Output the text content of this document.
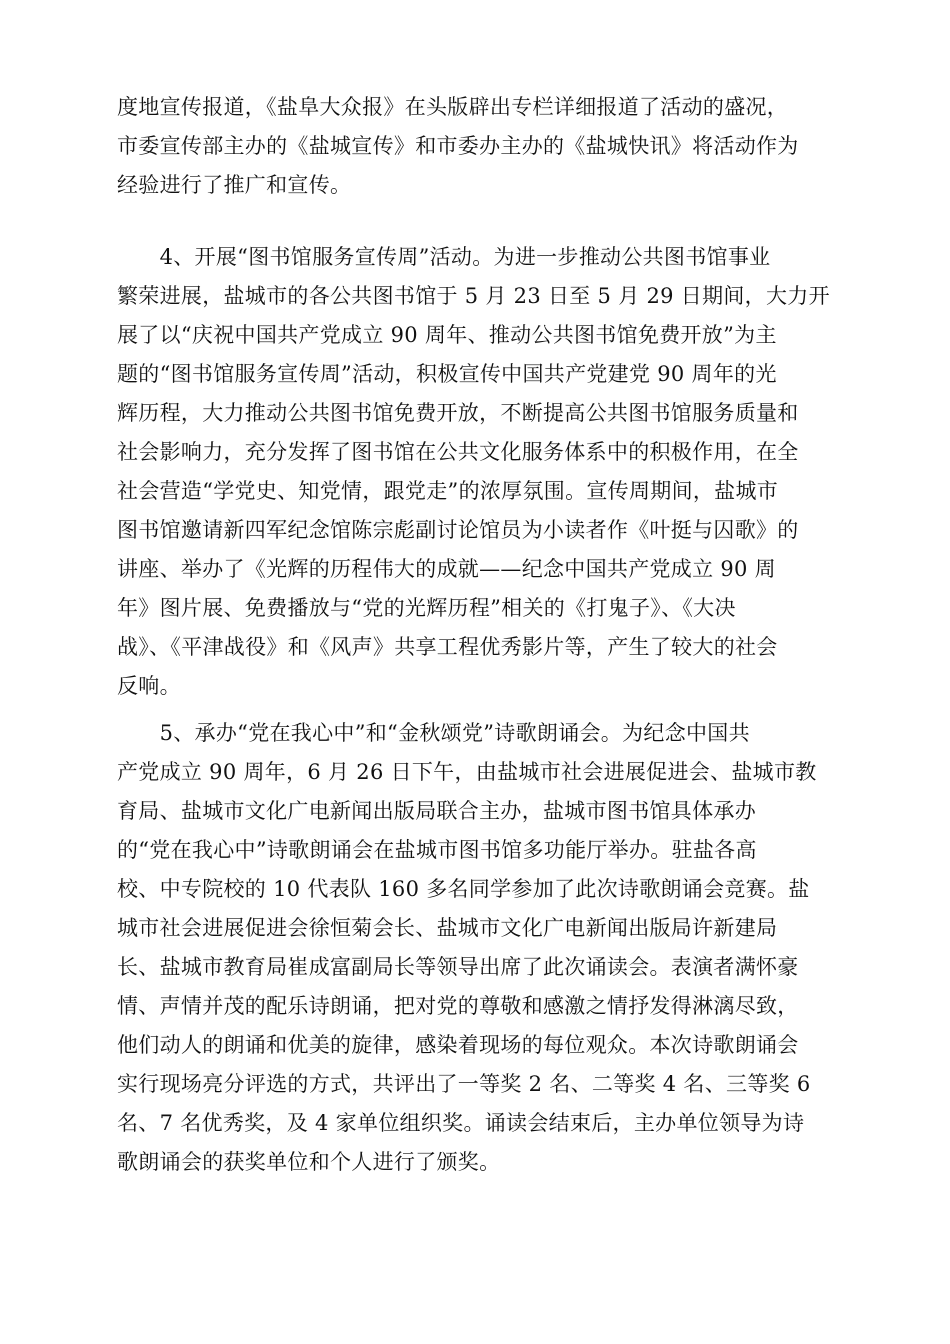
度地宣传报道，《盐阜大众报》在头版辟出专栏详细报道了活动的盛况，
市委宣传部主办的《盐城宣传》和市委办主办的《盐城快讯》将活动作为
经验进行了推广和宣传。
　　4、开展“图书馆服务宣传周”活动。为进一步推动公共图书馆事业
繁荣进展，盐城市的各公共图书馆于 5 月 23 日至 5 月 29 日期间，大力开
展了以“庆祝中国共产党成立 90 周年、推动公共图书馆免费开放”为主
题的“图书馆服务宣传周”活动，积极宣传中国共产党建党 90 周年的光
辉历程，大力推动公共图书馆免费开放，不断提高公共图书馆服务质量和
社会影响力，充分发挥了图书馆在公共文化服务体系中的积极作用，在全
社会营造“学党史、知党情，跟党走”的浓厚氛围。宣传周期间，盐城市
图书馆邀请新四军纪念馆陈宗彪副讨论馆员为小读者作《叶挺与囚歌》的
讲座、举办了《光辉的历程伟大的成就——纪念中国共产党成立 90 周
年》图片展、免费播放与“党的光辉历程”相关的《打鬼子》、《大决
战》、《平津战役》和《风声》共享工程优秀影片等，产生了较大的社会
反响。
　　5、承办“党在我心中”和“金秋颂党”诗歌朗诵会。为纪念中国共
产党成立 90 周年，6 月 26 日下午，由盐城市社会进展促进会、盐城市教
育局、盐城市文化广电新闻出版局联合主办，盐城市图书馆具体承办
的“党在我心中”诗歌朗诵会在盐城市图书馆多功能厅举办。驻盐各高
校、中专院校的 10 代表队 160 多名同学参加了此次诗歌朗诵会竞赛。盐
城市社会进展促进会徐恒菊会长、盐城市文化广电新闻出版局许新建局
长、盐城市教育局崔成富副局长等领导出席了此次诵读会。表演者满怀豪
情、声情并茂的配乐诗朗诵，把对党的尊敬和感激之情抒发得淋漓尽致，
他们动人的朗诵和优美的旋律，感染着现场的每位观众。本次诗歌朗诵会
实行现场亮分评选的方式，共评出了一等奖 2 名、二等奖 4 名、三等奖 6
名、7 名优秀奖，及 4 家单位组织奖。诵读会结束后，主办单位领导为诗
歌朗诵会的获奖单位和个人进行了颁奖。
